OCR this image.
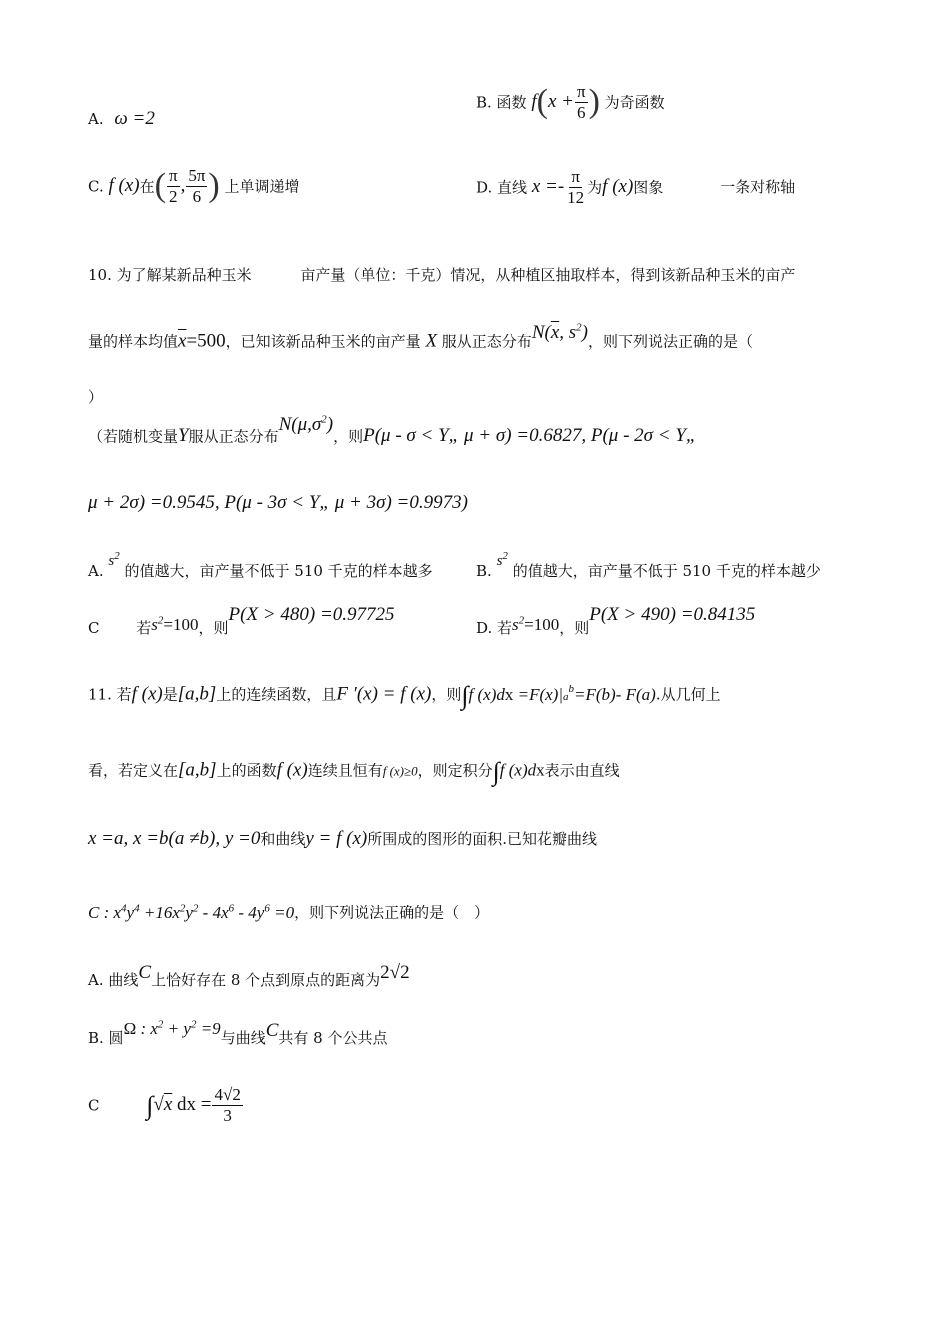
A. ω =2
B. 函数 $f(x + \frac{\pi}{6}$ ) 为奇函数
C. f (x)在( $\frac{\pi}{2}$ , $\frac{5\pi}{6}$ ) 上单调递增	D. 直线 $x =- \frac{\pi}{12}$ 为f (x)图象	一条对称轴
10. 为了解某新品种玉米	亩产量（单位：千克）情况，从种植区抽取样本，得到该新品种玉米的亩产
量的样本均值$\overline{x}=500$，已知该新品种玉米的亩产量 X 服从正态分布$N(\overline{x}$, $s^2$)，则下列说法正确的是（
）
（若随机变量Y服从正态分布$N(\mu,\sigma^2)$，则P(μ - σ < Y„ μ + σ) =0.6827, P(μ - 2σ < Y„
μ + 2σ) =0.9545, P(μ - 3σ < Y„ μ + 3σ) =0.9973)
A. $s^2$ 的值越大，亩产量不低于 510 千克的样本越多	B. $s^2$ 的值越大，亩产量不低于 510 千克的样本越少
C 若$s^2=100$，则P(X > 480) =0.97725
D. 若$s^2=100$，则P(X > 490) =0.84135
11. 若f (x)是[a,b]上的连续函数，且F ′(x) = f (x)，则∫f $(x)dx =F(x)|a^b=F(b)-$ F(a).从几何上
看，若定义在[a,b]上的函数f (x)连续且恒有f (x)≥0，则定积分∫f (x)dx表示由直线
x =a, x =b(a ≠b), y =0和曲线y = f (x)所围成的图形的面积.已知花瓣曲线
C : $x^4y^4 +16x^2y^2 - 4x^6 - 4y^6 =0$，则下列说法正确的是（　）
A. 曲线C上恰好存在 8 个点到原点的距离为2√2
B. 圆Ω : $x^2 + y^2 =9$与曲线C共有 8 个公共点
C ∫√x dx = $\frac{4√2}{3}$
